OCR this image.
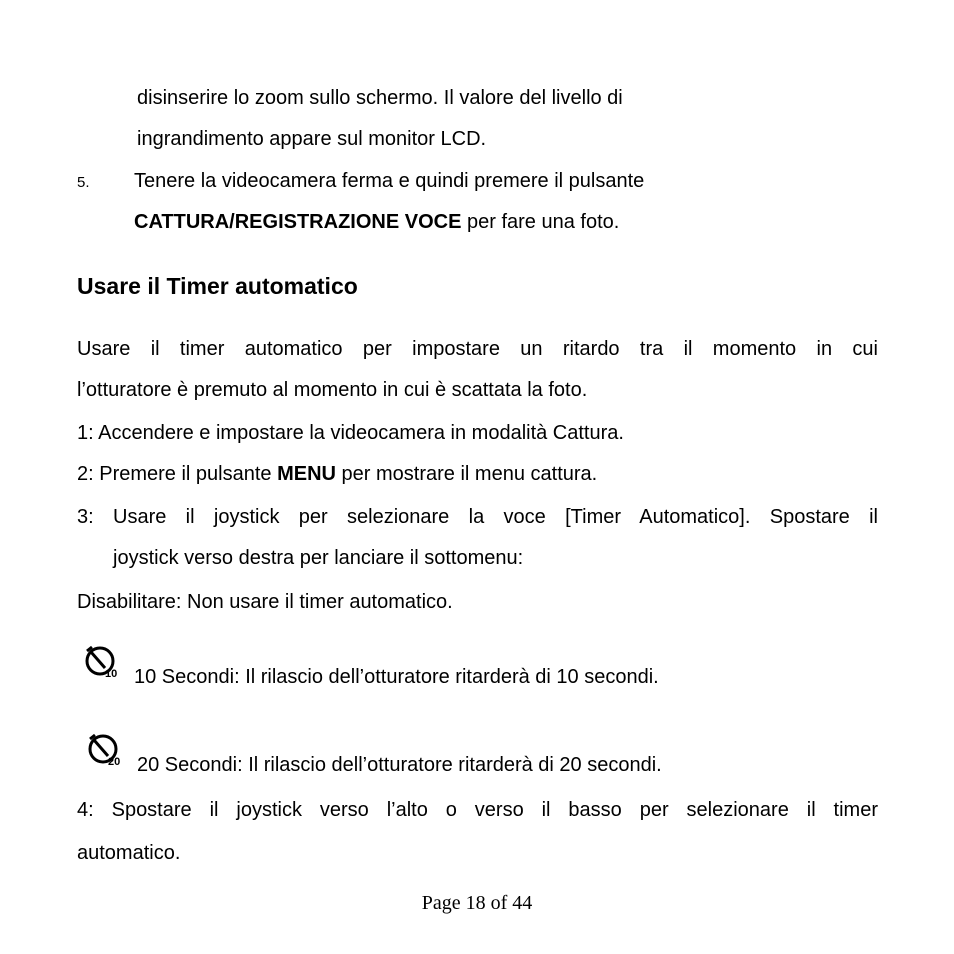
disinserire lo zoom sullo schermo. Il valore del livello di
ingrandimento appare sul monitor LCD.
5. Tenere la videocamera ferma e quindi premere il pulsante
CATTURA/REGISTRAZIONE VOCE per fare una foto.
Usare il Timer automatico
Usare il timer automatico per impostare un ritardo tra il momento in cui
l’otturatore è premuto al momento in cui è scattata la foto.
1: Accendere e impostare la videocamera in modalità Cattura.
2: Premere il pulsante MENU per mostrare il menu cattura.
3: Usare il joystick per selezionare la voce [Timer Automatico]. Spostare il
joystick verso destra per lanciare il sottomenu:
Disabilitare: Non usare il timer automatico.
10 10 Secondi: Il rilascio dell’otturatore ritarderà di 10 secondi.
20 20 Secondi: Il rilascio dell’otturatore ritarderà di 20 secondi.
4: Spostare il joystick verso l’alto o verso il basso per selezionare il timer
automatico.
Page 18 of 44
